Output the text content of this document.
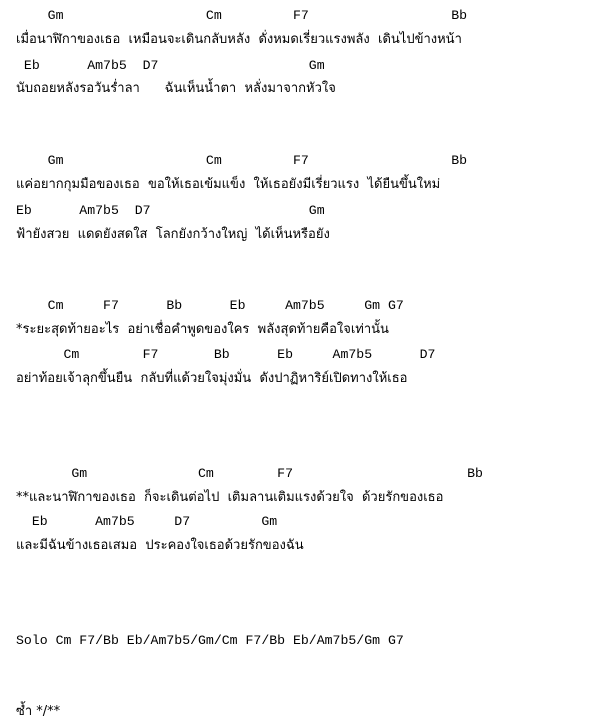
Gm                  Cm         F7                  Bb
เมื่อนาฬิกาของเธอ  เหมือนจะเดินกลับหลัง  ดั่งหมดเรี่ยวแรงพลัง  เดินไปข้างหน้า
Eb      Am7b5  D7                   Gm
นับถอยหลังรอวันร่ำลา      ฉันเห็นน้ำตา  หลั่งมาจากหัวใจ
Gm                  Cm         F7                  Bb
แค่อยากกุมมือของเธอ  ขอให้เธอเข้มแข็ง  ให้เธอยังมีเรี่ยวแรง  ได้ยืนขึ้นใหม่
Eb      Am7b5  D7                    Gm
ฟ้ายังสวย  แดดยังสดใส  โลกยังกว้างใหญ่  ได้เห็นหรือยัง
Cm     F7      Bb      Eb     Am7b5     Gm G7
*ระยะสุดท้ายอะไร  อย่าเชื่อคำพูดของใคร  พลังสุดท้ายคือใจเท่านั้น
Cm        F7       Bb      Eb     Am7b5      D7
อย่าท้อยเจ้าลุกขึ้นยืน  กลับที่แด้วยใจมุ่งมั่น  ดังปาฏิหาริย์เปิดทางให้เธอ
Gm              Cm        F7                      Bb
**และนาฬิกาของเธอ  ก็จะเดินต่อไป  เติมลานเติมแรงด้วยใจ  ด้วยรักของเธอ
Eb      Am7b5     D7         Gm
และมีฉันข้างเธอเสมอ  ประคองใจเธอด้วยรักของฉัน
Solo Cm F7/Bb Eb/Am7b5/Gm/Cm F7/Bb Eb/Am7b5/Gm G7
ซ้ำ */**
